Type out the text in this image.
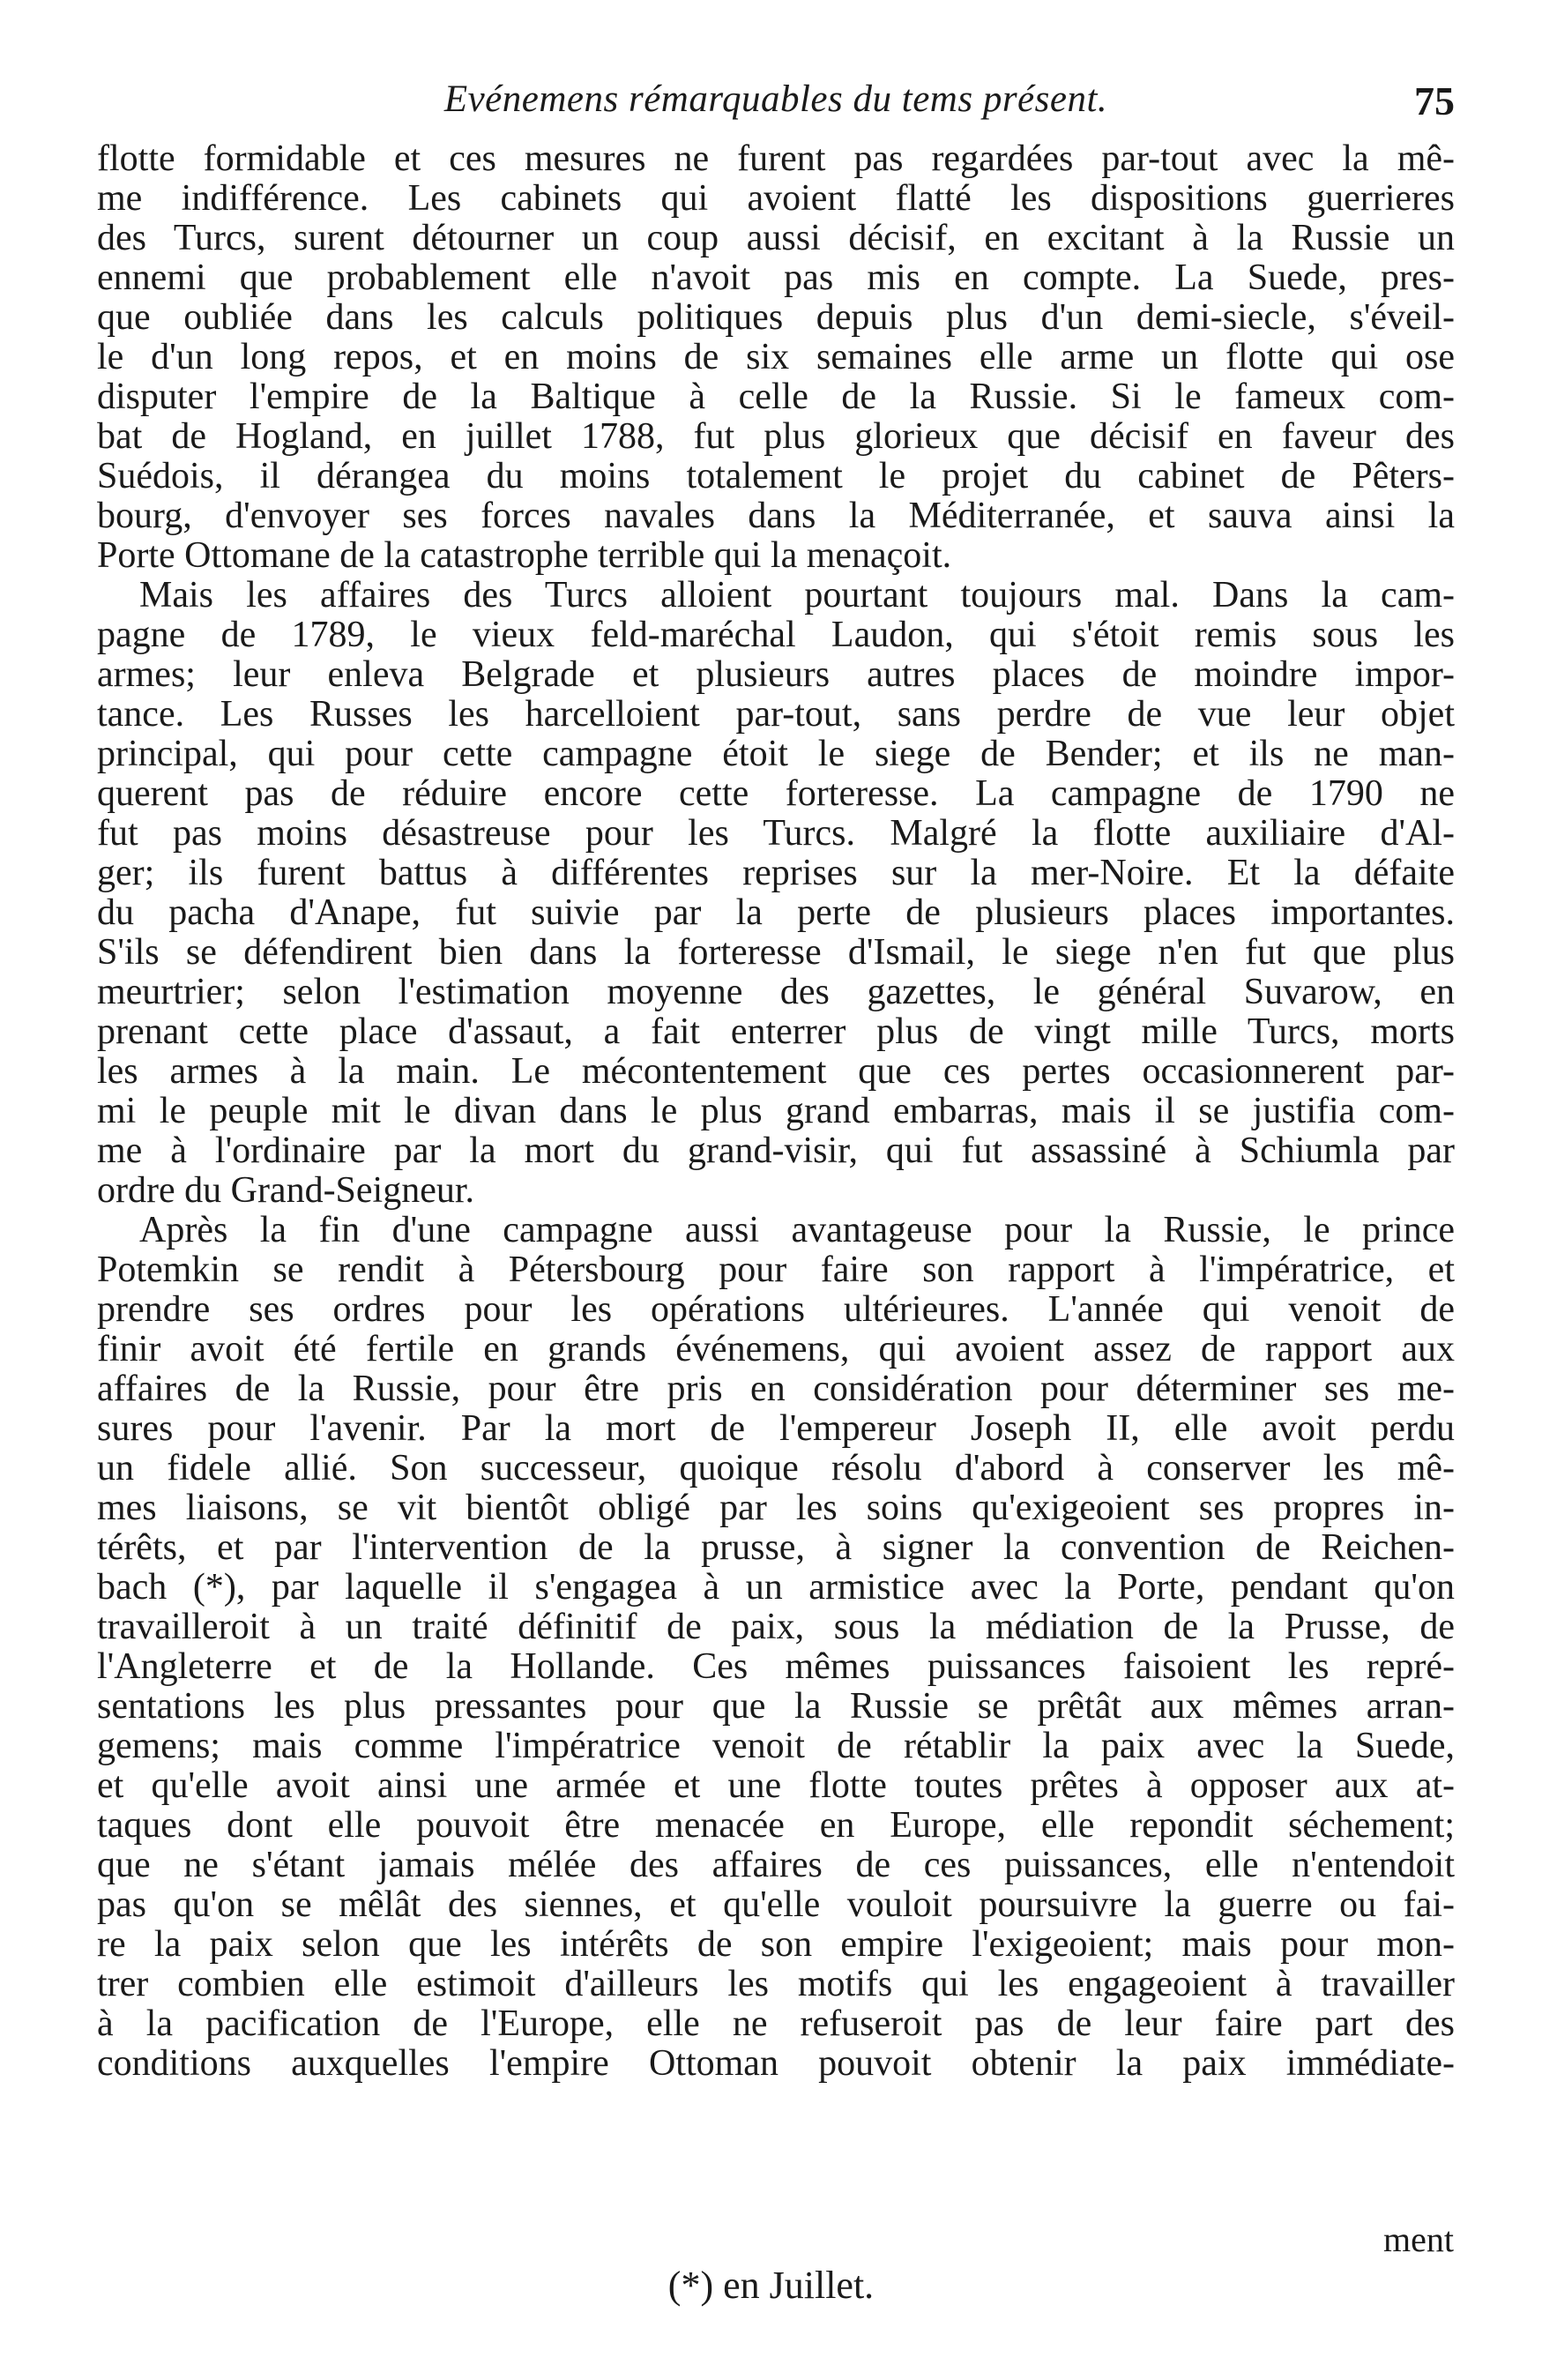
Evénemens rémarquables du tems présent.	75
flotte formidable et ces mesures ne furent pas regardées par-tout avec la mê-
me indifférence. Les cabinets qui avoient flatté les dispositions guerrieres
des Turcs, surent détourner un coup aussi décisif, en excitant à la Russie un
ennemi que probablement elle n'avoit pas mis en compte. La Suede, pres-
que oubliée dans les calculs politiques depuis plus d'un demi-siecle, s'éveil-
le d'un long repos, et en moins de six semaines elle arme un flotte qui ose
disputer l'empire de la Baltique à celle de la Russie. Si le fameux com-
bat de Hogland, en juillet 1788, fut plus glorieux que décisif en faveur des
Suédois, il dérangea du moins totalement le projet du cabinet de Pêters-
bourg, d'envoyer ses forces navales dans la Méditerranée, et sauva ainsi la
Porte Ottomane de la catastrophe terrible qui la menaçoit.
Mais les affaires des Turcs alloient pourtant toujours mal. Dans la cam-
pagne de 1789, le vieux feld-maréchal Laudon, qui s'étoit remis sous les
armes; leur enleva Belgrade et plusieurs autres places de moindre impor-
tance. Les Russes les harcelloient par-tout, sans perdre de vue leur objet
principal, qui pour cette campagne étoit le siege de Bender; et ils ne man-
querent pas de réduire encore cette forteresse. La campagne de 1790 ne
fut pas moins désastreuse pour les Turcs. Malgré la flotte auxiliaire d'Al-
ger; ils furent battus à différentes reprises sur la mer-Noire. Et la défaite
du pacha d'Anape, fut suivie par la perte de plusieurs places importantes.
S'ils se défendirent bien dans la forteresse d'Ismail, le siege n'en fut que plus
meurtrier; selon l'estimation moyenne des gazettes, le général Suvarow, en
prenant cette place d'assaut, a fait enterrer plus de vingt mille Turcs, morts
les armes à la main. Le mécontentement que ces pertes occasionnerent par-
mi le peuple mit le divan dans le plus grand embarras, mais il se justifia com-
me à l'ordinaire par la mort du grand-visir, qui fut assassiné à Schiumla par
ordre du Grand-Seigneur.
Après la fin d'une campagne aussi avantageuse pour la Russie, le prince
Potemkin se rendit à Pétersbourg pour faire son rapport à l'impératrice, et
prendre ses ordres pour les opérations ultérieures. L'année qui venoit de
finir avoit été fertile en grands événemens, qui avoient assez de rapport aux
affaires de la Russie, pour être pris en considération pour déterminer ses me-
sures pour l'avenir. Par la mort de l'empereur Joseph II, elle avoit perdu
un fidele allié. Son successeur, quoique résolu d'abord à conserver les mê-
mes liaisons, se vit bientôt obligé par les soins qu'exigeoient ses propres in-
térêts, et par l'intervention de la prusse, à signer la convention de Reichen-
bach (*), par laquelle il s'engagea à un armistice avec la Porte, pendant qu'on
travailleroit à un traité définitif de paix, sous la médiation de la Prusse, de
l'Angleterre et de la Hollande. Ces mêmes puissances faisoient les repré-
sentations les plus pressantes pour que la Russie se prêtât aux mêmes arran-
gemens; mais comme l'impératrice venoit de rétablir la paix avec la Suede,
et qu'elle avoit ainsi une armée et une flotte toutes prêtes à opposer aux at-
taques dont elle pouvoit être menacée en Europe, elle repondit séchement;
que ne s'étant jamais mélée des affaires de ces puissances, elle n'entendoit
pas qu'on se mêlât des siennes, et qu'elle vouloit poursuivre la guerre ou fai-
re la paix selon que les intérêts de son empire l'exigeoient; mais pour mon-
trer combien elle estimoit d'ailleurs les motifs qui les engageoient à travailler
à la pacification de l'Europe, elle ne refuseroit pas de leur faire part des
conditions auxquelles l'empire Ottoman pouvoit obtenir la paix immédiate-
ment
(*) en Juillet.
